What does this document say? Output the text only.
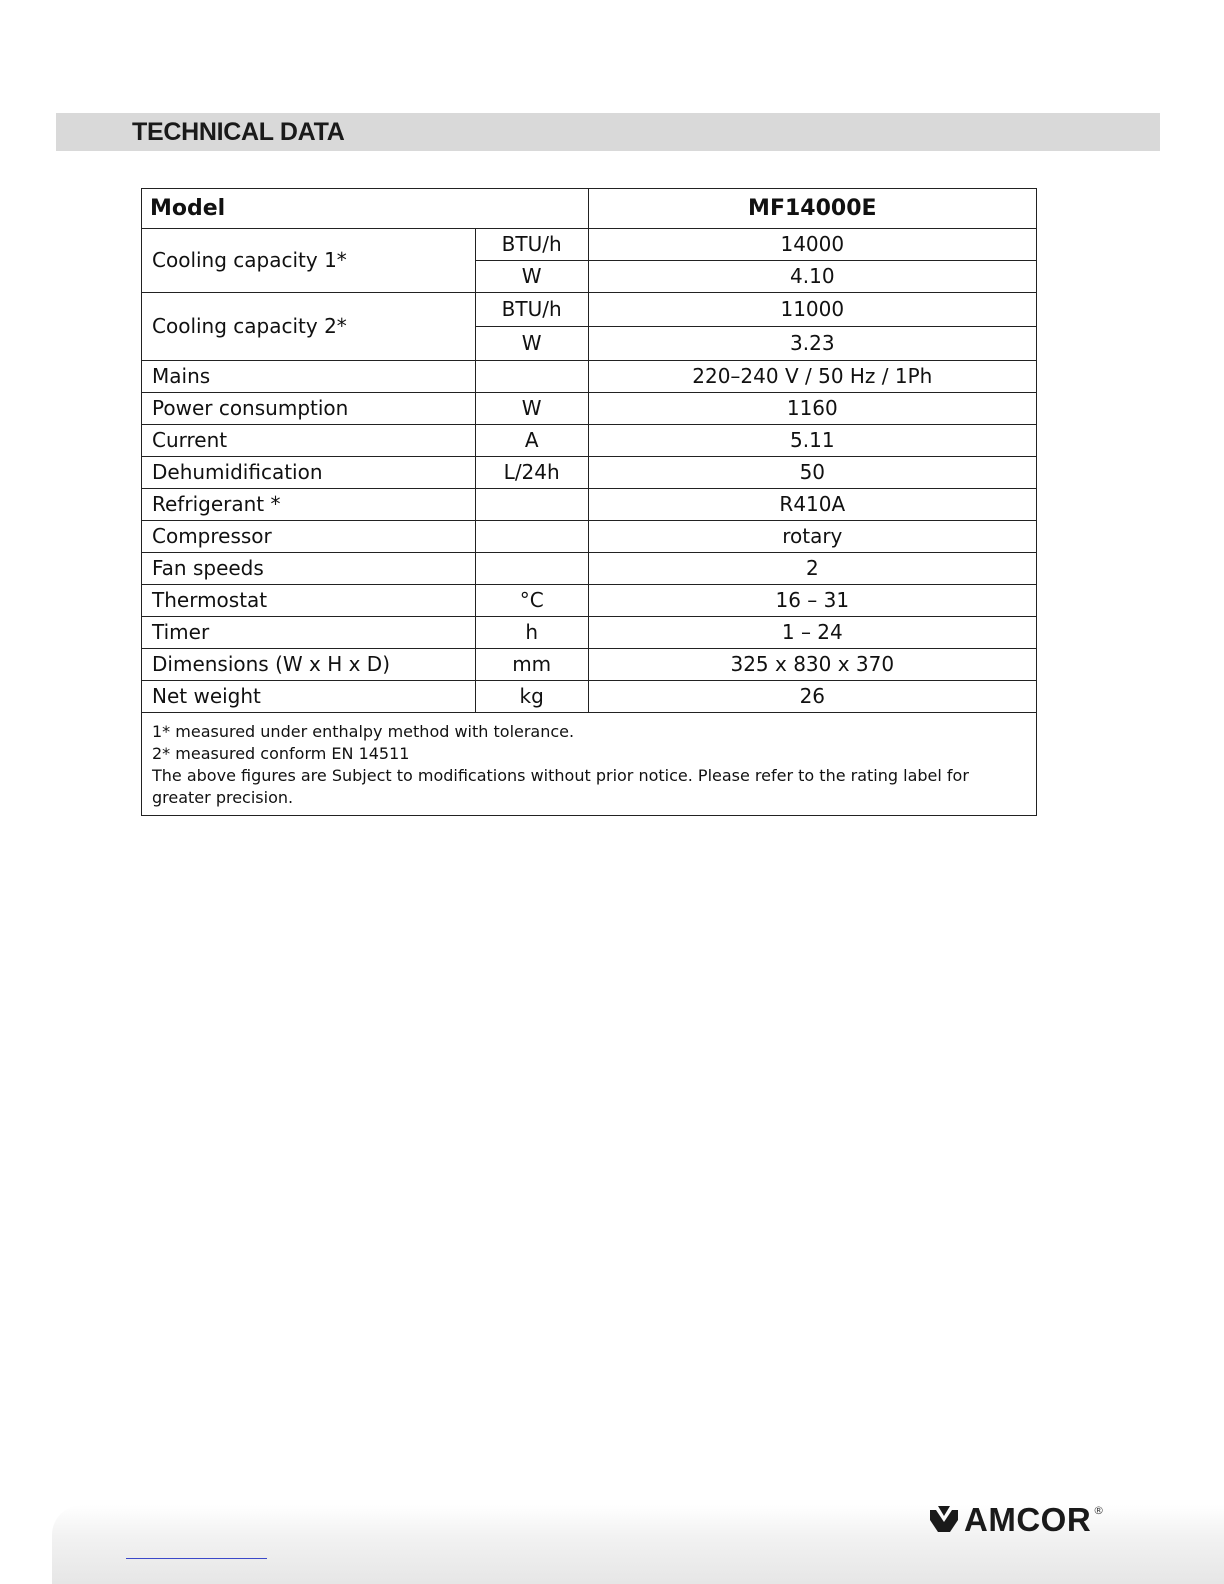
TECHNICAL DATA
Model		MF14000E
Cooling capacity 1*	BTU/h	14000
	W	4.10
Cooling capacity 2*	BTU/h	11000
	W	3.23
Mains		220–240 V / 50 Hz / 1Ph
Power consumption	W	1160
Current	A	5.11
Dehumidification	L/24h	50
Refrigerant *		R410A
Compressor		rotary
Fan speeds		2
Thermostat	°C	16 – 31
Timer	h	1 – 24
Dimensions (W x H x D)	mm	325 x 830 x 370
Net weight	kg	26

1* measured under enthalpy method with tolerance.
2* measured conform EN 14511
The above figures are Subject to modifications without prior notice. Please refer to the rating label for greater precision.		
AMCOR ®
